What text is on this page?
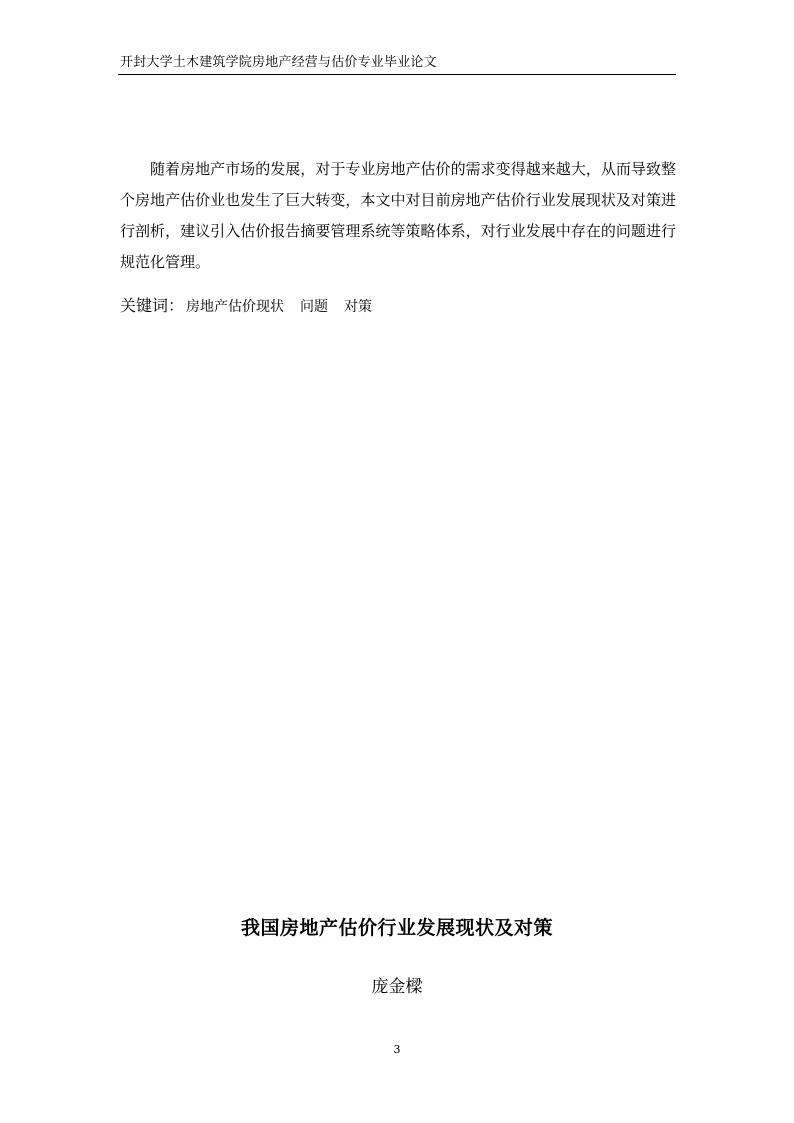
开封大学土木建筑学院房地产经营与估价专业毕业论文

随着房地产市场的发展，对于专业房地产估价的需求变得越来越大，从而导致整个房地产估价业也发生了巨大转变，本文中对目前房地产估价行业发展现状及对策进行剖析，建议引入估价报告摘要管理系统等策略体系，对行业发展中存在的问题进行规范化管理。

关键词： 房地产估价现状 问题 对策
我国房地产估价行业发展现状及对策
庞金樑
3
